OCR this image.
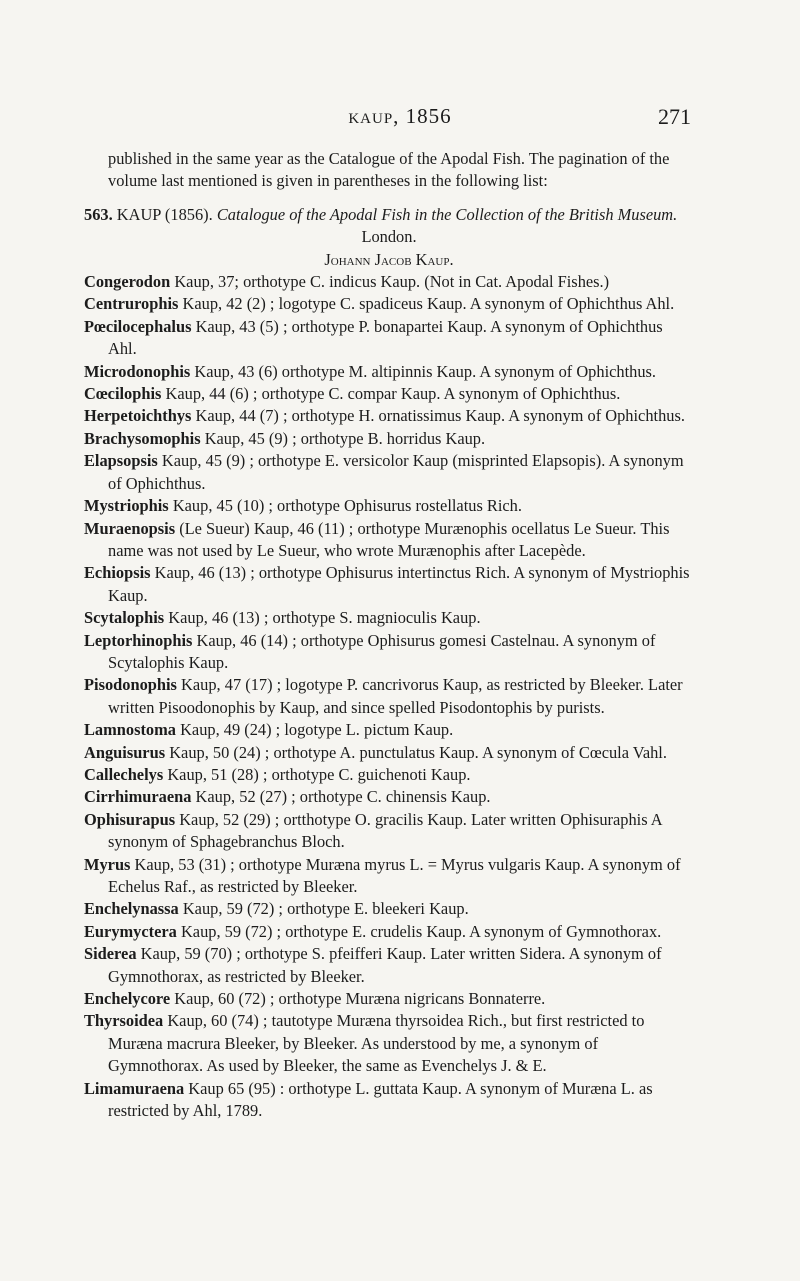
kaup, 1856	271

published in the same year as the Catalogue of the Apodal Fish. The pagination of the volume last mentioned is given in parentheses in the following list:

563. KAUP (1856). Catalogue of the Apodal Fish in the Collection of the British Museum.
London.
Johann Jacob Kaup.
Congerodon Kaup, 37; orthotype C. indicus Kaup. (Not in Cat. Apodal Fishes.)
Centrurophis Kaup, 42 (2) ; logotype C. spadiceus Kaup. A synonym of Ophichthus Ahl.
Pœcilocephalus Kaup, 43 (5) ; orthotype P. bonapartei Kaup. A synonym of Ophichthus Ahl.
Microdonophis Kaup, 43 (6) orthotype M. altipinnis Kaup. A synonym of Ophichthus.
Cœcilophis Kaup, 44 (6) ; orthotype C. compar Kaup. A synonym of Ophichthus.
Herpetoichthys Kaup, 44 (7) ; orthotype H. ornatissimus Kaup. A synonym of Ophichthus.
Brachysomophis Kaup, 45 (9) ; orthotype B. horridus Kaup.
Elapsopsis Kaup, 45 (9) ; orthotype E. versicolor Kaup (misprinted Elapsopis). A synonym of Ophichthus.
Mystriophis Kaup, 45 (10) ; orthotype Ophisurus rostellatus Rich.
Muraenopsis (Le Sueur) Kaup, 46 (11) ; orthotype Murænophis ocellatus Le Sueur. This name was not used by Le Sueur, who wrote Murænophis after Lacepède.
Echiopsis Kaup, 46 (13) ; orthotype Ophisurus intertinctus Rich. A synonym of Mystriophis Kaup.
Scytalophis Kaup, 46 (13) ; orthotype S. magnioculis Kaup.
Leptorhinophis Kaup, 46 (14) ; orthotype Ophisurus gomesi Castelnau. A synonym of Scytalophis Kaup.
Pisodonophis Kaup, 47 (17) ; logotype P. cancrivorus Kaup, as restricted by Bleeker. Later written Pisoodonophis by Kaup, and since spelled Pisodontophis by purists.
Lamnostoma Kaup, 49 (24) ; logotype L. pictum Kaup.
Anguisurus Kaup, 50 (24) ; orthotype A. punctulatus Kaup. A synonym of Cœcula Vahl.
Callechelys Kaup, 51 (28) ; orthotype C. guichenoti Kaup.
Cirrhimuraena Kaup, 52 (27) ; orthotype C. chinensis Kaup.
Ophisurapus Kaup, 52 (29) ; ortthotype O. gracilis Kaup. Later written Ophisuraphis A synonym of Sphagebranchus Bloch.
Myrus Kaup, 53 (31) ; orthotype Muræna myrus L. = Myrus vulgaris Kaup. A synonym of Echelus Raf., as restricted by Bleeker.
Enchelynassa Kaup, 59 (72) ; orthotype E. bleekeri Kaup.
Eurymyctera Kaup, 59 (72) ; orthotype E. crudelis Kaup. A synonym of Gymnothorax.
Siderea Kaup, 59 (70) ; orthotype S. pfeifferi Kaup. Later written Sidera. A synonym of Gymnothorax, as restricted by Bleeker.
Enchelycore Kaup, 60 (72) ; orthotype Muræna nigricans Bonnaterre.
Thyrsoidea Kaup, 60 (74) ; tautotype Muræna thyrsoidea Rich., but first restricted to Muræna macrura Bleeker, by Bleeker. As understood by me, a synonym of Gymnothorax. As used by Bleeker, the same as Evenchelys J. & E.
Limamuraena Kaup 65 (95) : orthotype L. guttata Kaup. A synonym of Muræna L. as restricted by Ahl, 1789.
